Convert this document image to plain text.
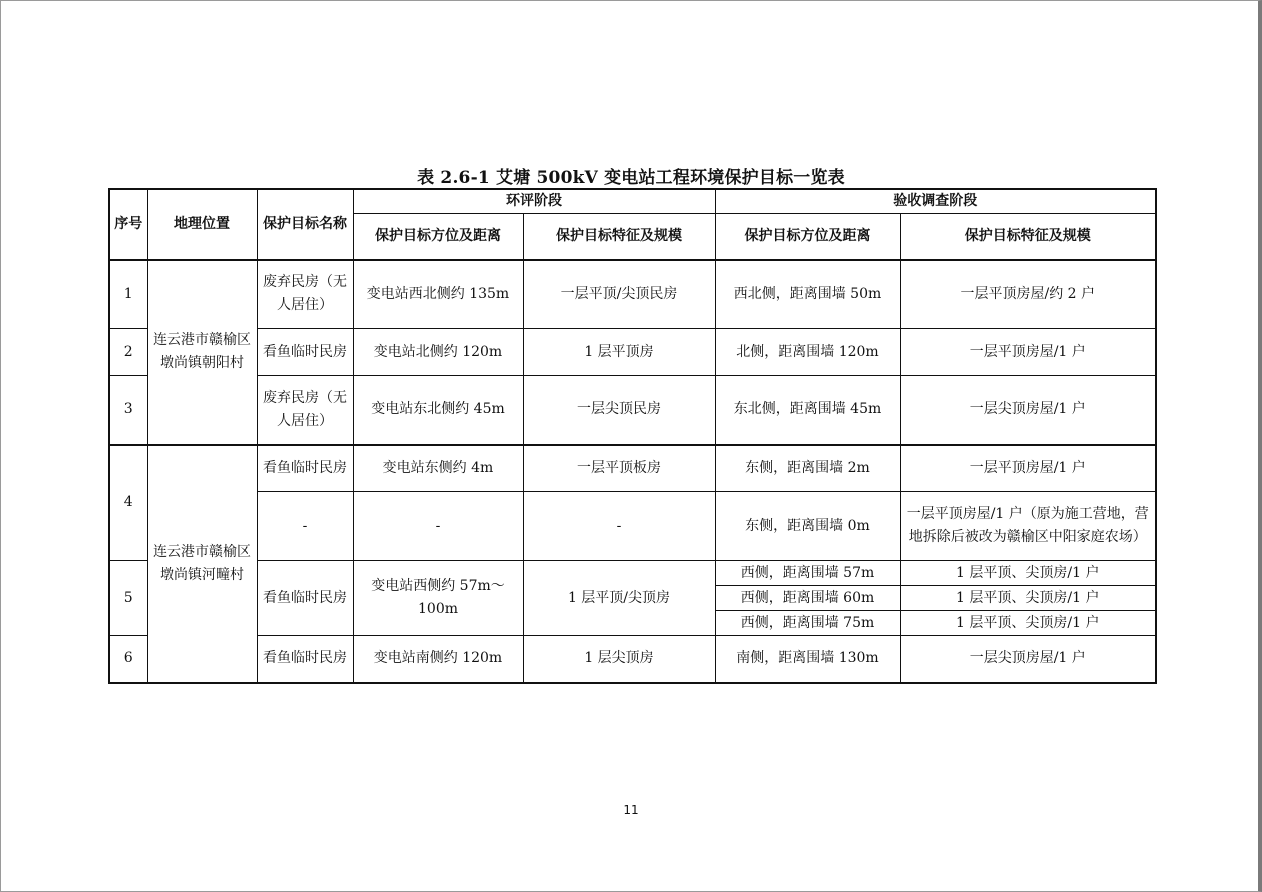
表 2.6-1 艾塘 500kV 变电站工程环境保护目标一览表
序号	地理位置	保护目标名称	环评阶段		验收调查阶段	
			保护目标方位及距离	保护目标特征及规模	保护目标方位及距离	保护目标特征及规模
1	连云港市赣榆区墩尚镇朝阳村	废弃民房（无人居住）	变电站西北侧约 135m	一层平顶/尖顶民房	西北侧，距离围墙 50m	一层平顶房屋/约 2 户
2		看鱼临时民房	变电站北侧约 120m	1 层平顶房	北侧，距离围墙 120m	一层平顶房屋/1 户
3		废弃民房（无人居住）	变电站东北侧约 45m	一层尖顶民房	东北侧，距离围墙 45m	一层尖顶房屋/1 户
4	连云港市赣榆区墩尚镇河疃村	看鱼临时民房	变电站东侧约 4m	一层平顶板房	东侧，距离围墙 2m	一层平顶房屋/1 户
		-	-	-	东侧，距离围墙 0m	一层平顶房屋/1 户（原为施工营地，营地拆除后被改为赣榆区中阳家庭农场）
5		看鱼临时民房	变电站西侧约 57m～100m	1 层平顶/尖顶房	西侧，距离围墙 57m	1 层平顶、尖顶房/1 户
					西侧，距离围墙 60m	1 层平顶、尖顶房/1 户
					西侧，距离围墙 75m	1 层平顶、尖顶房/1 户
6		看鱼临时民房	变电站南侧约 120m	1 层尖顶房	南侧，距离围墙 130m	一层尖顶房屋/1 户
11
